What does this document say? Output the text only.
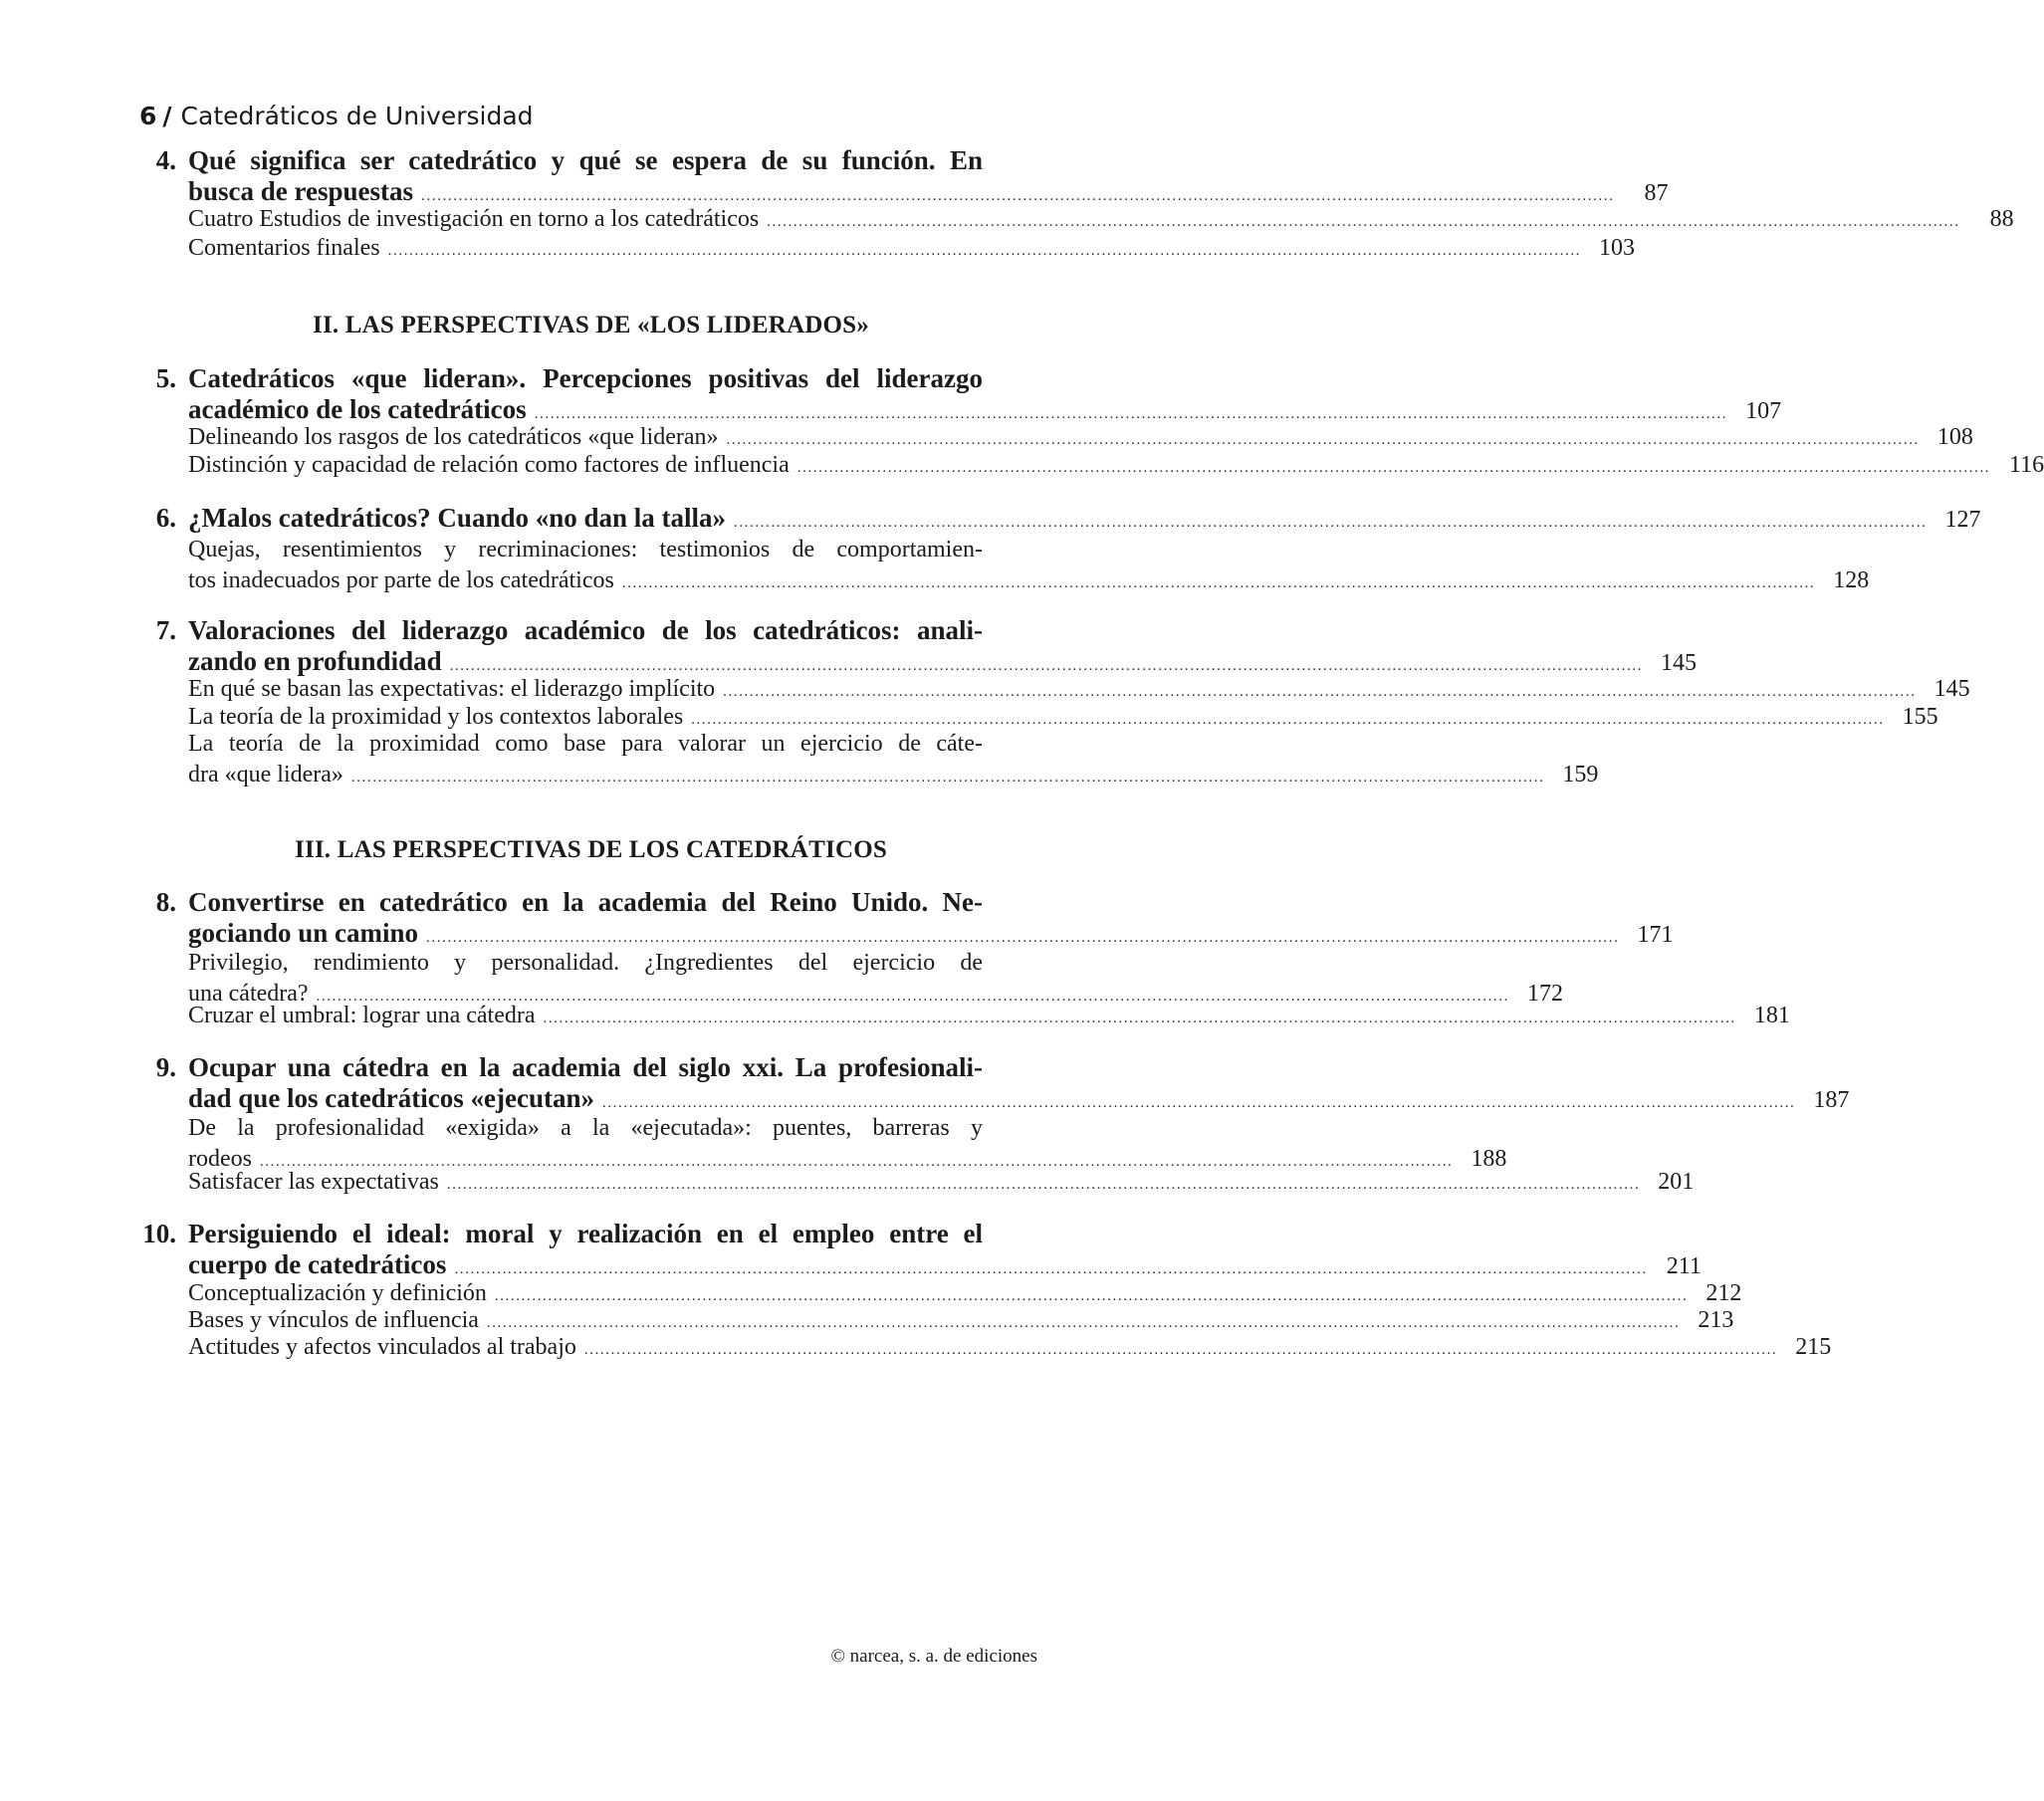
6 / Catedráticos de Universidad
4. Qué significa ser catedrático y qué se espera de su función. En
busca de respuestas ................................................................................................................................................................................................................................	87
Cuatro Estudios de investigación en torno a los catedráticos ................................................................................................................................................................................................................................	88
Comentarios finales ................................................................................................................................................................................................................................ 103
II. LAS PERSPECTIVAS DE «LOS LIDERADOS»
5. Catedráticos «que lideran». Percepciones positivas del liderazgo
académico de los catedráticos ................................................................................................................................................................................................................................ 107
Delineando los rasgos de los catedráticos «que lideran» ................................................................................................................................................................................................................................ 108
Distinción y capacidad de relación como factores de influencia ................................................................................................................................................................................................................................ 116
6. ¿Malos catedráticos? Cuando «no dan la talla» ................................................................................................................................................................................................................................ 127
Quejas, resentimientos y recriminaciones: testimonios de comportamien-
tos inadecuados por parte de los catedráticos ................................................................................................................................................................................................................................ 128
7. Valoraciones del liderazgo académico de los catedráticos: anali-
zando en profundidad ................................................................................................................................................................................................................................ 145
En qué se basan las expectativas: el liderazgo implícito ................................................................................................................................................................................................................................ 145
La teoría de la proximidad y los contextos laborales ................................................................................................................................................................................................................................ 155
La teoría de la proximidad como base para valorar un ejercicio de cáte-
dra «que lidera» ................................................................................................................................................................................................................................ 159
III. LAS PERSPECTIVAS DE LOS CATEDRÁTICOS
8. Convertirse en catedrático en la academia del Reino Unido. Ne-
gociando un camino ................................................................................................................................................................................................................................ 171
Privilegio, rendimiento y personalidad. ¿Ingredientes del ejercicio de
una cátedra? ................................................................................................................................................................................................................................ 172
Cruzar el umbral: lograr una cátedra ................................................................................................................................................................................................................................ 181
9. Ocupar una cátedra en la academia del siglo xxi. La profesionali-
dad que los catedráticos «ejecutan» ................................................................................................................................................................................................................................ 187
De la profesionalidad «exigida» a la «ejecutada»: puentes, barreras y
rodeos ................................................................................................................................................................................................................................ 188
Satisfacer las expectativas ................................................................................................................................................................................................................................ 201
10. Persiguiendo el ideal: moral y realización en el empleo entre el
cuerpo de catedráticos ................................................................................................................................................................................................................................ 211
Conceptualización y definición ................................................................................................................................................................................................................................ 212
Bases y vínculos de influencia ................................................................................................................................................................................................................................ 213
Actitudes y afectos vinculados al trabajo ................................................................................................................................................................................................................................ 215
© narcea, s. a. de ediciones
